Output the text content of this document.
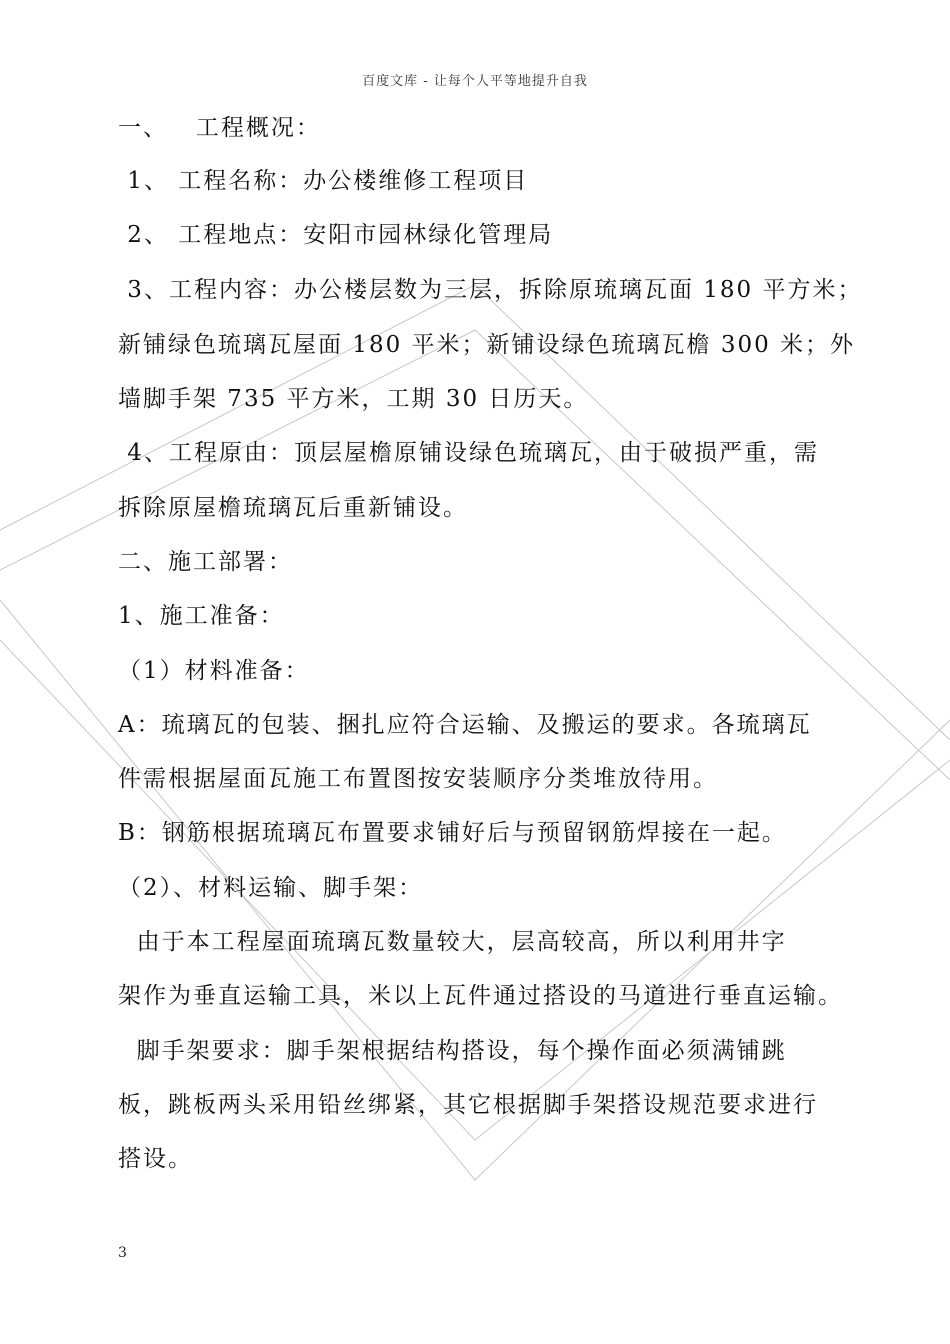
百度文库 - 让每个人平等地提升自我
一、   工程概况：
1、 工程名称：办公楼维修工程项目
2、 工程地点：安阳市园林绿化管理局
3、工程内容：办公楼层数为三层，拆除原琉璃瓦面 180 平方米；
新铺绿色琉璃瓦屋面 180 平米；新铺设绿色琉璃瓦檐 300 米；外
墙脚手架 735 平方米，工期 30 日历天。
4、工程原由：顶层屋檐原铺设绿色琉璃瓦，由于破损严重，需
拆除原屋檐琉璃瓦后重新铺设。
二、施工部署：
1、施工准备：
（1）材料准备：
A：琉璃瓦的包装、捆扎应符合运输、及搬运的要求。各琉璃瓦
件需根据屋面瓦施工布置图按安装顺序分类堆放待用。
B：钢筋根据琉璃瓦布置要求铺好后与预留钢筋焊接在一起。
（2）、材料运输、脚手架：
由于本工程屋面琉璃瓦数量较大，层高较高，所以利用井字
架作为垂直运输工具，米以上瓦件通过搭设的马道进行垂直运输。
脚手架要求：脚手架根据结构搭设，每个操作面必须满铺跳
板，跳板两头采用铅丝绑紧，其它根据脚手架搭设规范要求进行
搭设。
3
